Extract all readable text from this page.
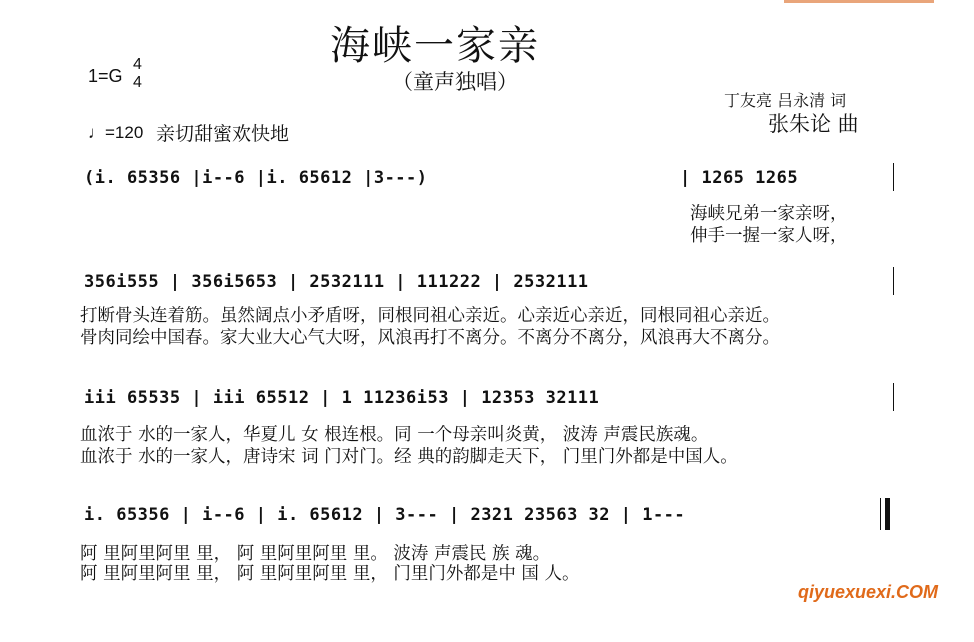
海峡一家亲
（童声独唱）
1=G
4
4
♩=120 亲切甜蜜欢快地
丁友亮 吕永清 词
张朱论 曲
(i. 65356 |i--6 |i. 65612 |3---)	| 1265 1265
海峡兄弟一家亲呀，
伸手一握一家人呀，
356i555 | 356i5653 | 2532111 | 111222 | 2532111
打断骨头连着筋。虽然阔点小矛盾呀，同根同祖心亲近。心亲近心亲近，同根同祖心亲近。
骨肉同绘中国春。家大业大心气大呀，风浪再打不离分。不离分不离分，风浪再大不离分。
iii 65535 | iii 65512 | 1 11236i53 | 12353 32111
血浓于 水的一家人，华夏儿 女 根连根。同 一个母亲叫炎黄， 波涛 声震民族魂。
血浓于 水的一家人，唐诗宋 词 门对门。经 典的韵脚走天下， 门里门外都是中国人。
i. 65356 | i--6 | i. 65612 | 3--- | 2321 23563 32 | 1---
阿 里阿里阿里 里， 阿 里阿里阿里 里。 波涛 声震民 族 魂。
阿 里阿里阿里 里， 阿 里阿里阿里 里， 门里门外都是中 国 人。
qiyuexuexi.COM
